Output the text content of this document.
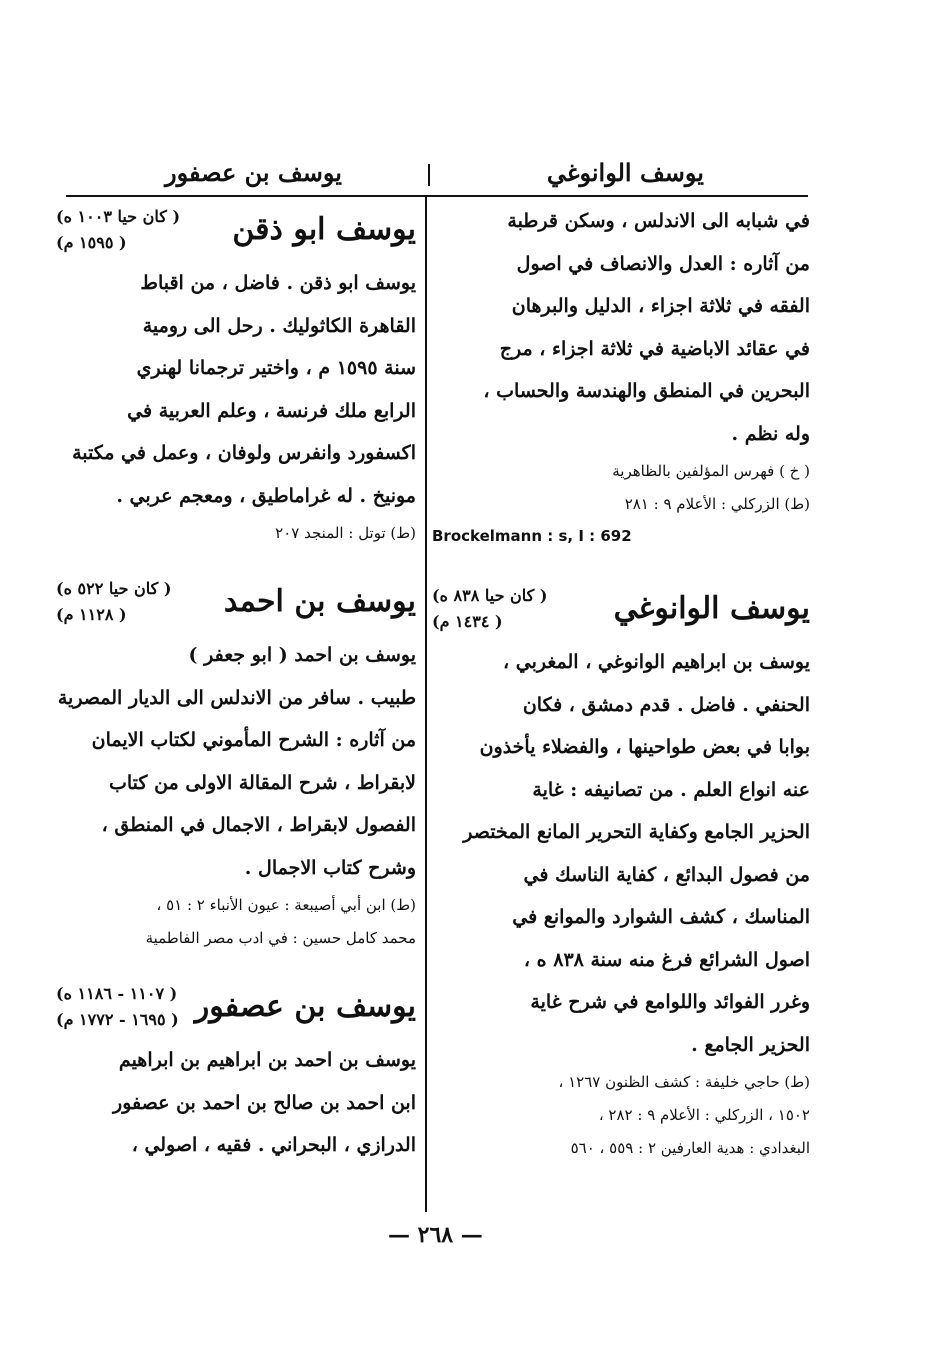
يوسف الوانوغي
يوسف بن عصفور

في شبابه الى الاندلس ، وسكن قرطبة

من آثاره : العدل والانصاف في اصول

الفقه في ثلاثة اجزاء ، الدليل والبرهان

في عقائد الاباضية في ثلاثة اجزاء ، مرج

البحرين في المنطق والهندسة والحساب ،

وله نظم .

( خ ) فهرس المؤلفين بالظاهرية

(ط) الزركلي : الأعلام ٩ : ٢٨١

Brockelmann : s, I : 692

يوسف الوانوغي
( كان حيا ٨٣٨ ه)
( ١٤٣٤ م)

يوسف بن ابراهيم الوانوغي ، المغربي ،

الحنفي . فاضل . قدم دمشق ، فكان

بوابا في بعض طواحينها ، والفضلاء يأخذون

عنه انواع العلم . من تصانيفه : غاية

الحزير الجامع وكفاية التحرير المانع المختصر

من فصول البدائع ، كفاية الناسك في

المناسك ، كشف الشوارد والموانع في

اصول الشرائع فرغ منه سنة ٨٣٨ ه ،

وغرر الفوائد واللوامع في شرح غاية

الحزير الجامع .

(ط) حاجي خليفة : كشف الظنون ١٢٦٧ ،

١٥٠٢ ، الزركلي : الأعلام ٩ : ٢٨٢ ،

البغدادي : هدية العارفين ٢ : ٥٥٩ ، ٥٦٠

يوسف ابو ذقن
( كان حيا ١٠٠٣ ه)
( ١٥٩٥ م)

يوسف ابو ذقن . فاضل ، من اقباط

القاهرة الكاثوليك . رحل الى رومية

سنة ١٥٩٥ م ، واختير ترجمانا لهنري

الرابع ملك فرنسة ، وعلم العربية في

اكسفورد وانفرس ولوفان ، وعمل في مكتبة

مونيخ . له غراماطيق ، ومعجم عربي .

(ط) توتل : المنجد ٢٠٧

يوسف بن احمد
( كان حيا ٥٢٢ ه)
( ١١٢٨ م)

يوسف بن احمد ( ابو جعفر )

طبيب . سافر من الاندلس الى الديار المصرية

من آثاره : الشرح المأموني لكتاب الايمان

لابقراط ، شرح المقالة الاولى من كتاب

الفصول لابقراط ، الاجمال في المنطق ،

وشرح كتاب الاجمال .

(ط) ابن أبي أصيبعة : عيون الأنباء ٢ : ٥١ ،

محمد كامل حسين : في ادب مصر الفاطمية

يوسف بن عصفور
( ١١٠٧ - ١١٨٦ ه)
( ١٦٩٥ - ١٧٧٢ م)

يوسف بن احمد بن ابراهيم بن ابراهيم

ابن احمد بن صالح بن احمد بن عصفور

الدرازي ، البحراني . فقيه ، اصولي ،

— ٢٦٨ —
